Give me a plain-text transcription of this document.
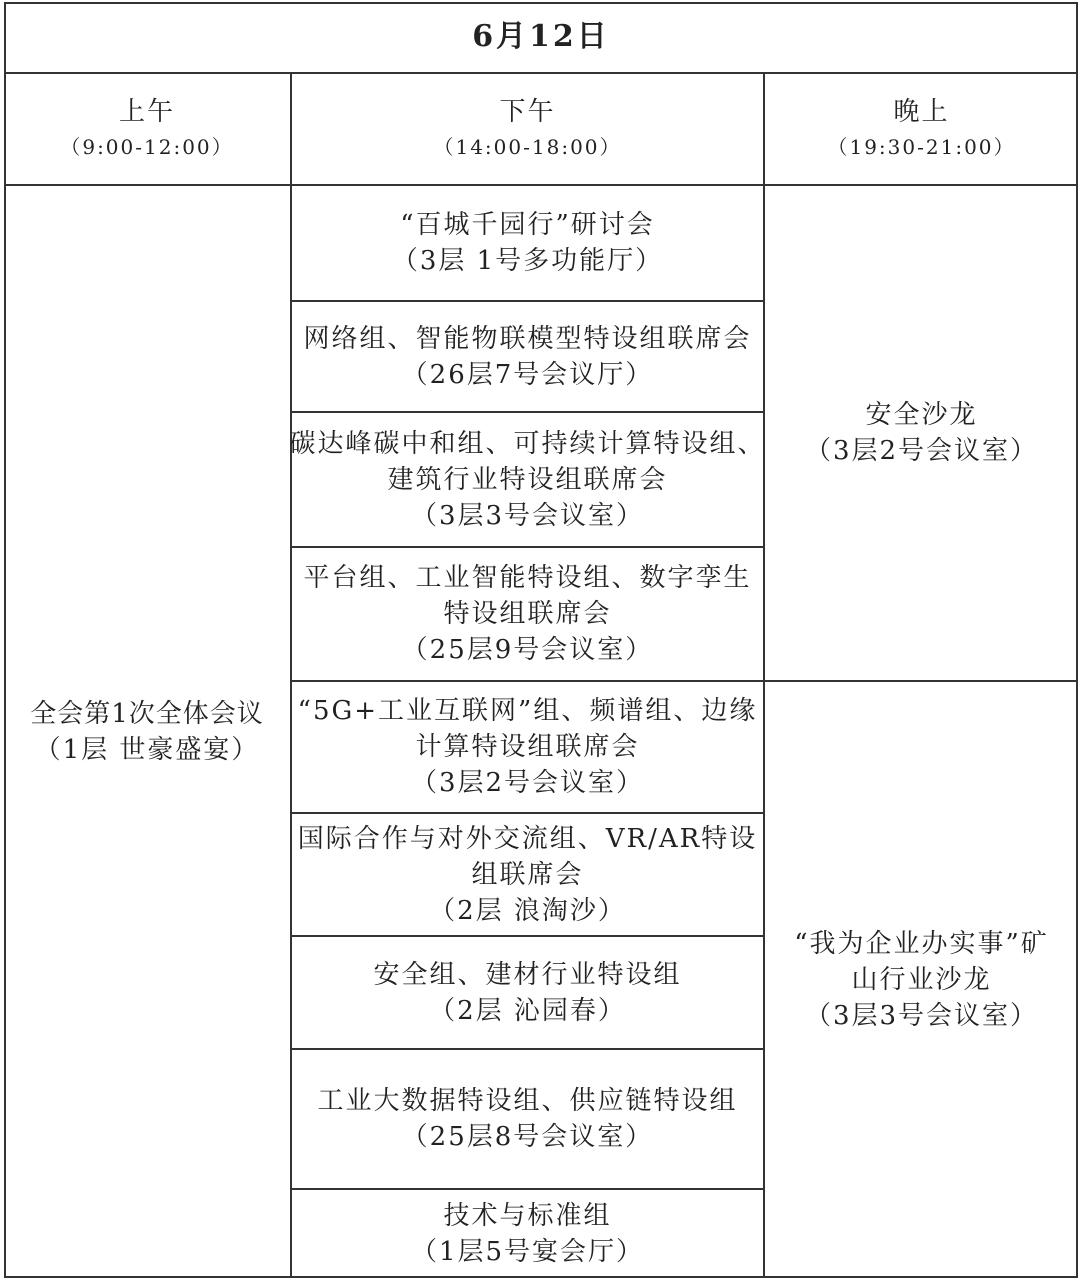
6月12日
上午
（9:00-12:00）
下午
（14:00-18:00）
晚上
（19:30-21:00）
全会第1次全体会议
（1层 世豪盛宴）
“百城千园行”研讨会
（3层 1号多功能厅）
网络组、智能物联模型特设组联席会
（26层7号会议厅）
碳达峰碳中和组、可持续计算特设组、
建筑行业特设组联席会
（3层3号会议室）
平台组、工业智能特设组、数字孪生
特设组联席会
（25层9号会议室）
“5G+工业互联网”组、频谱组、边缘
计算特设组联席会
（3层2号会议室）
国际合作与对外交流组、VR/AR特设
组联席会
（2层 浪淘沙）
安全组、建材行业特设组
（2层 沁园春）
工业大数据特设组、供应链特设组
（25层8号会议室）
技术与标准组
（1层5号宴会厅）
安全沙龙
（3层2号会议室）
“我为企业办实事”矿
山行业沙龙
（3层3号会议室）
